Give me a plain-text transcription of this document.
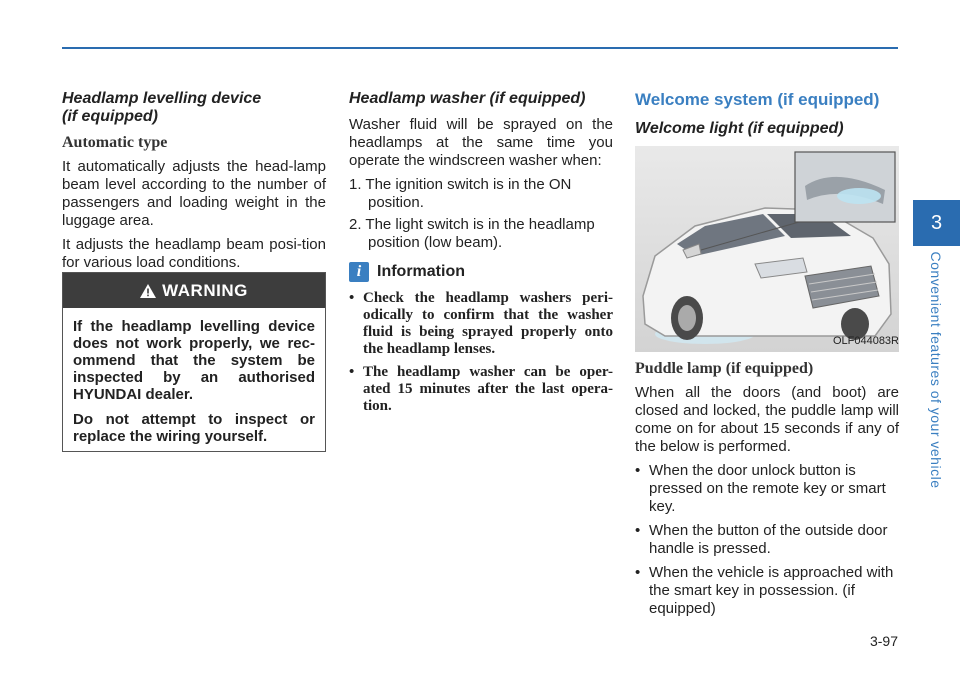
Headlamp levelling device
(if equipped)
Automatic type

It automatically adjusts the head-lamp beam level according to the number of passengers and loading weight in the luggage area.

It adjusts the headlamp beam posi-tion for various load conditions.

WARNING

If the headlamp levelling device does not work properly, we rec-ommend that the system be inspected by an authorised HYUNDAI dealer.

Do not attempt to inspect or replace the wiring yourself.

Headlamp washer (if equipped)

Washer fluid will be sprayed on the headlamps at the same time you operate the windscreen washer when:

1. The ignition switch is in the ON position.
2. The light switch is in the headlamp position (low beam).
i Information
• Check the headlamp washers peri-odically to confirm that the washer fluid is being sprayed properly onto the headlamp lenses.
• The headlamp washer can be oper-ated 15 minutes after the last opera-tion.
Welcome system (if equipped)
Welcome light (if equipped)
OLF044083R
Puddle lamp (if equipped)

When all the doors (and boot) are closed and locked, the puddle lamp will come on for about 15 seconds if any of the below is performed.

• When the door unlock button is pressed on the remote key or smart key.
• When the button of the outside door handle is pressed.
• When the vehicle is approached with the smart key in possession. (if equipped)
3
Convenient features of your vehicle
3-97
